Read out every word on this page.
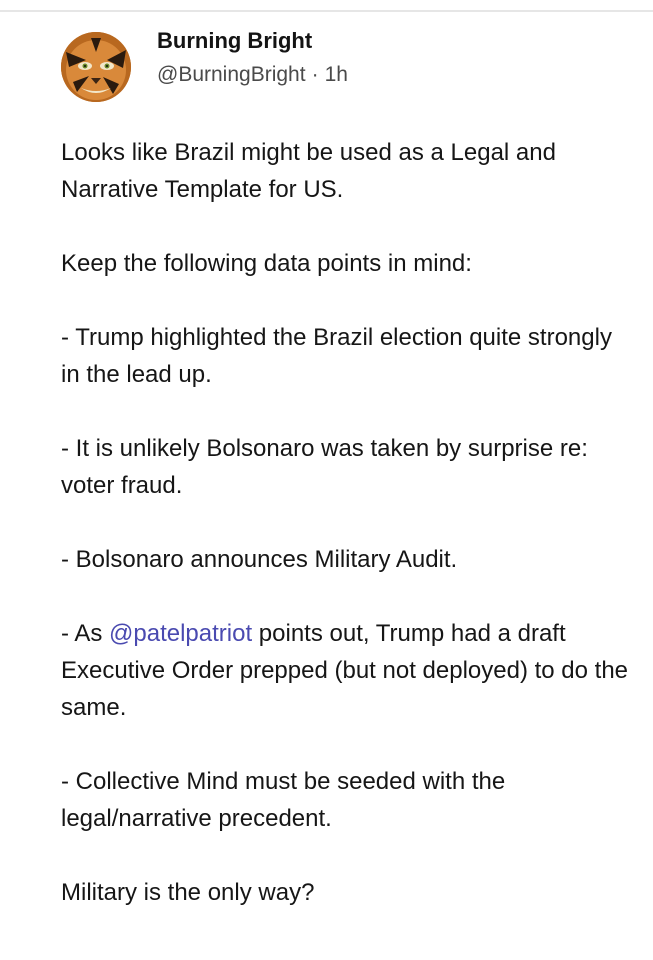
Burning Bright
@BurningBright · 1h

Looks like Brazil might be used as a Legal and Narrative Template for US.

Keep the following data points in mind:

- Trump highlighted the Brazil election quite strongly in the lead up.

- It is unlikely Bolsonaro was taken by surprise re: voter fraud.

- Bolsonaro announces Military Audit.

- As @patelpatriot points out, Trump had a draft Executive Order prepped (but not deployed) to do the same.

- Collective Mind must be seeded with the legal/narrative precedent.

Military is the only way?
